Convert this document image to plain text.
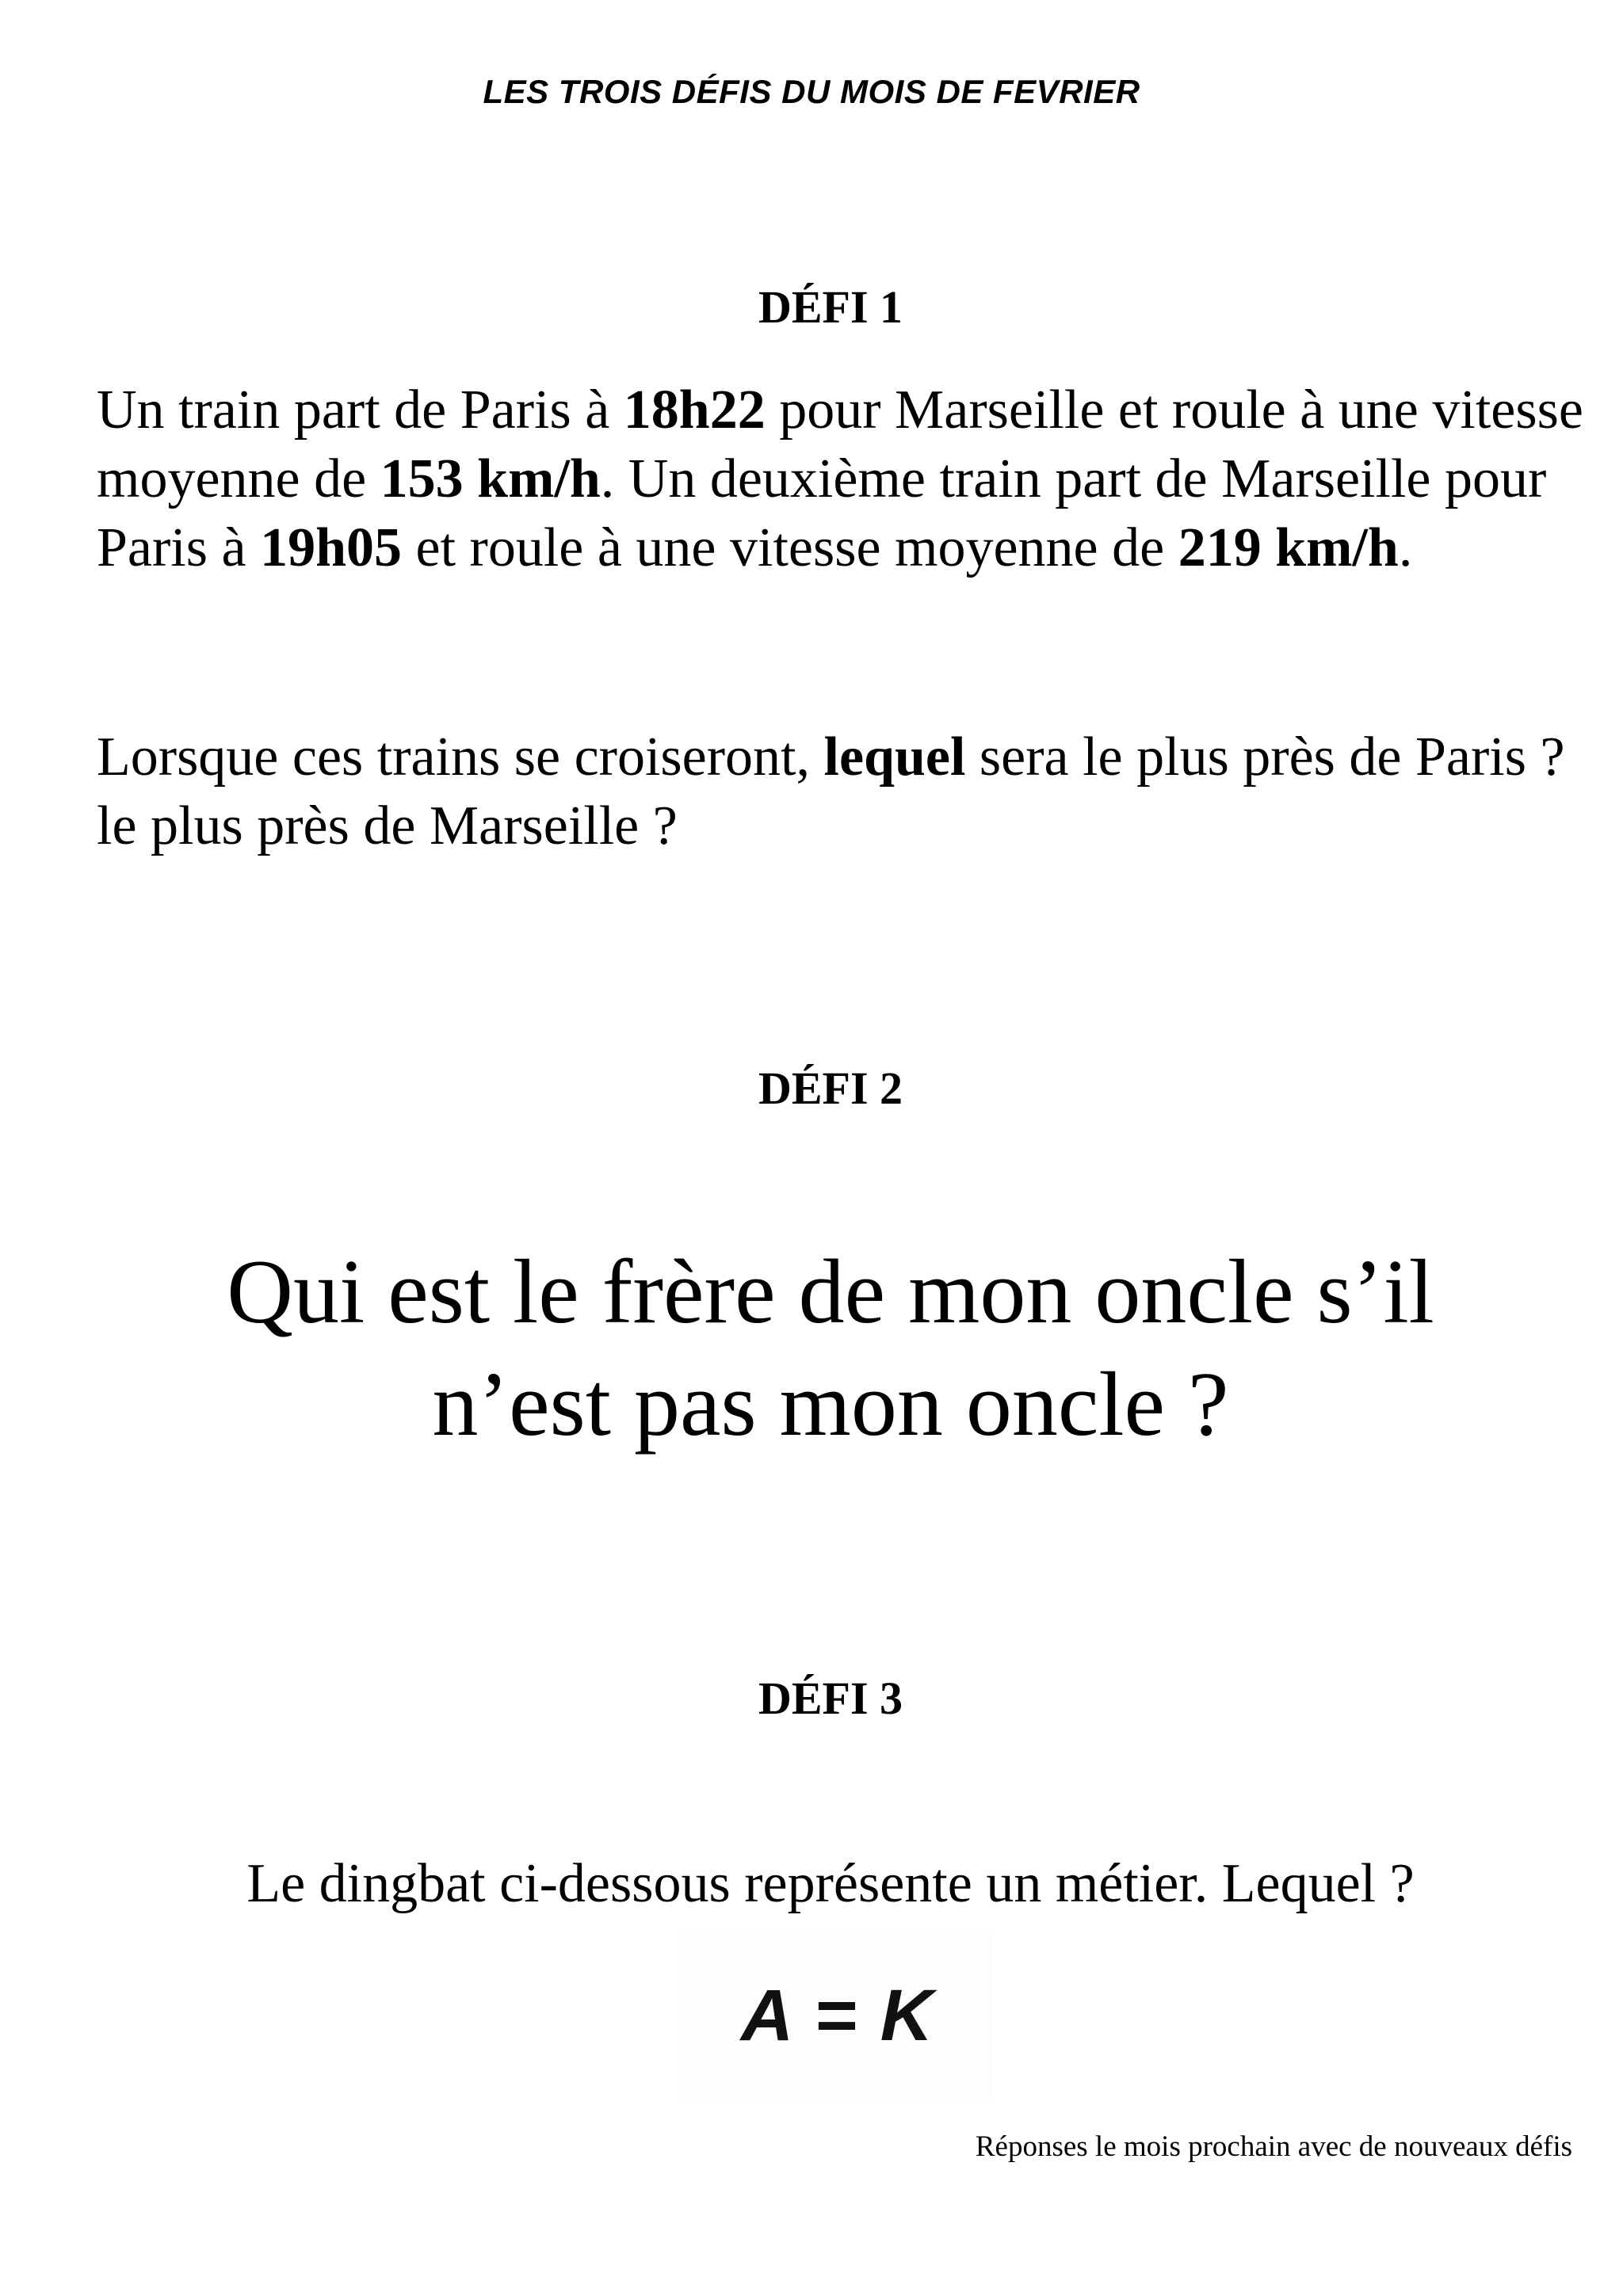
LES TROIS DÉFIS DU MOIS DE FEVRIER
DÉFI 1

Un train part de Paris à 18h22 pour Marseille et roule à une vitesse moyenne de 153 km/h. Un deuxième train part de Marseille pour Paris à 19h05 et roule à une vitesse moyenne de 219 km/h.

Lorsque ces trains se croiseront, lequel sera le plus près de Paris ? le plus près de Marseille ?

DÉFI 2

Qui est le frère de mon oncle s’il
n’est pas mon oncle ?

DÉFI 3

Le dingbat ci-dessous représente un métier. Lequel ?

A = K
Réponses le mois prochain avec de nouveaux défis
